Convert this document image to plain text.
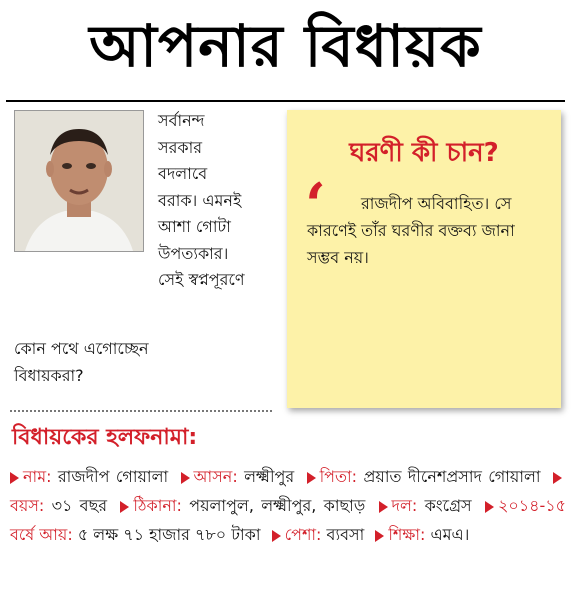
আপনার বিধায়ক
সর্বানন্দ
সরকার
বদলাবে
বরাক। এমনই
আশা গোটা
উপত্যকার।
সেই স্বপ্নপূরণে
কোন পথে এগোচ্ছেন
বিধায়করা?
ঘরণী কী চান?
‘	রাজদীপ অবিবাহিত। সে কারণেই তাঁর ঘরণীর বক্তব্য জানা সম্ভব নয়।
বিধায়কের হলফনামা:
নাম: রাজদীপ গোয়ালা আসন: লক্ষ্মীপুর পিতা: প্রয়াত দীনেশপ্রসাদ গোয়ালা বয়স: ৩১ বছর ঠিকানা: পয়লাপুল, লক্ষ্মীপুর, কাছাড় দল: কংগ্রেস ২০১৪-১৫ বর্ষে আয়: ৫ লক্ষ ৭১ হাজার ৭৮০ টাকা পেশা: ব্যবসা শিক্ষা: এমএ।
